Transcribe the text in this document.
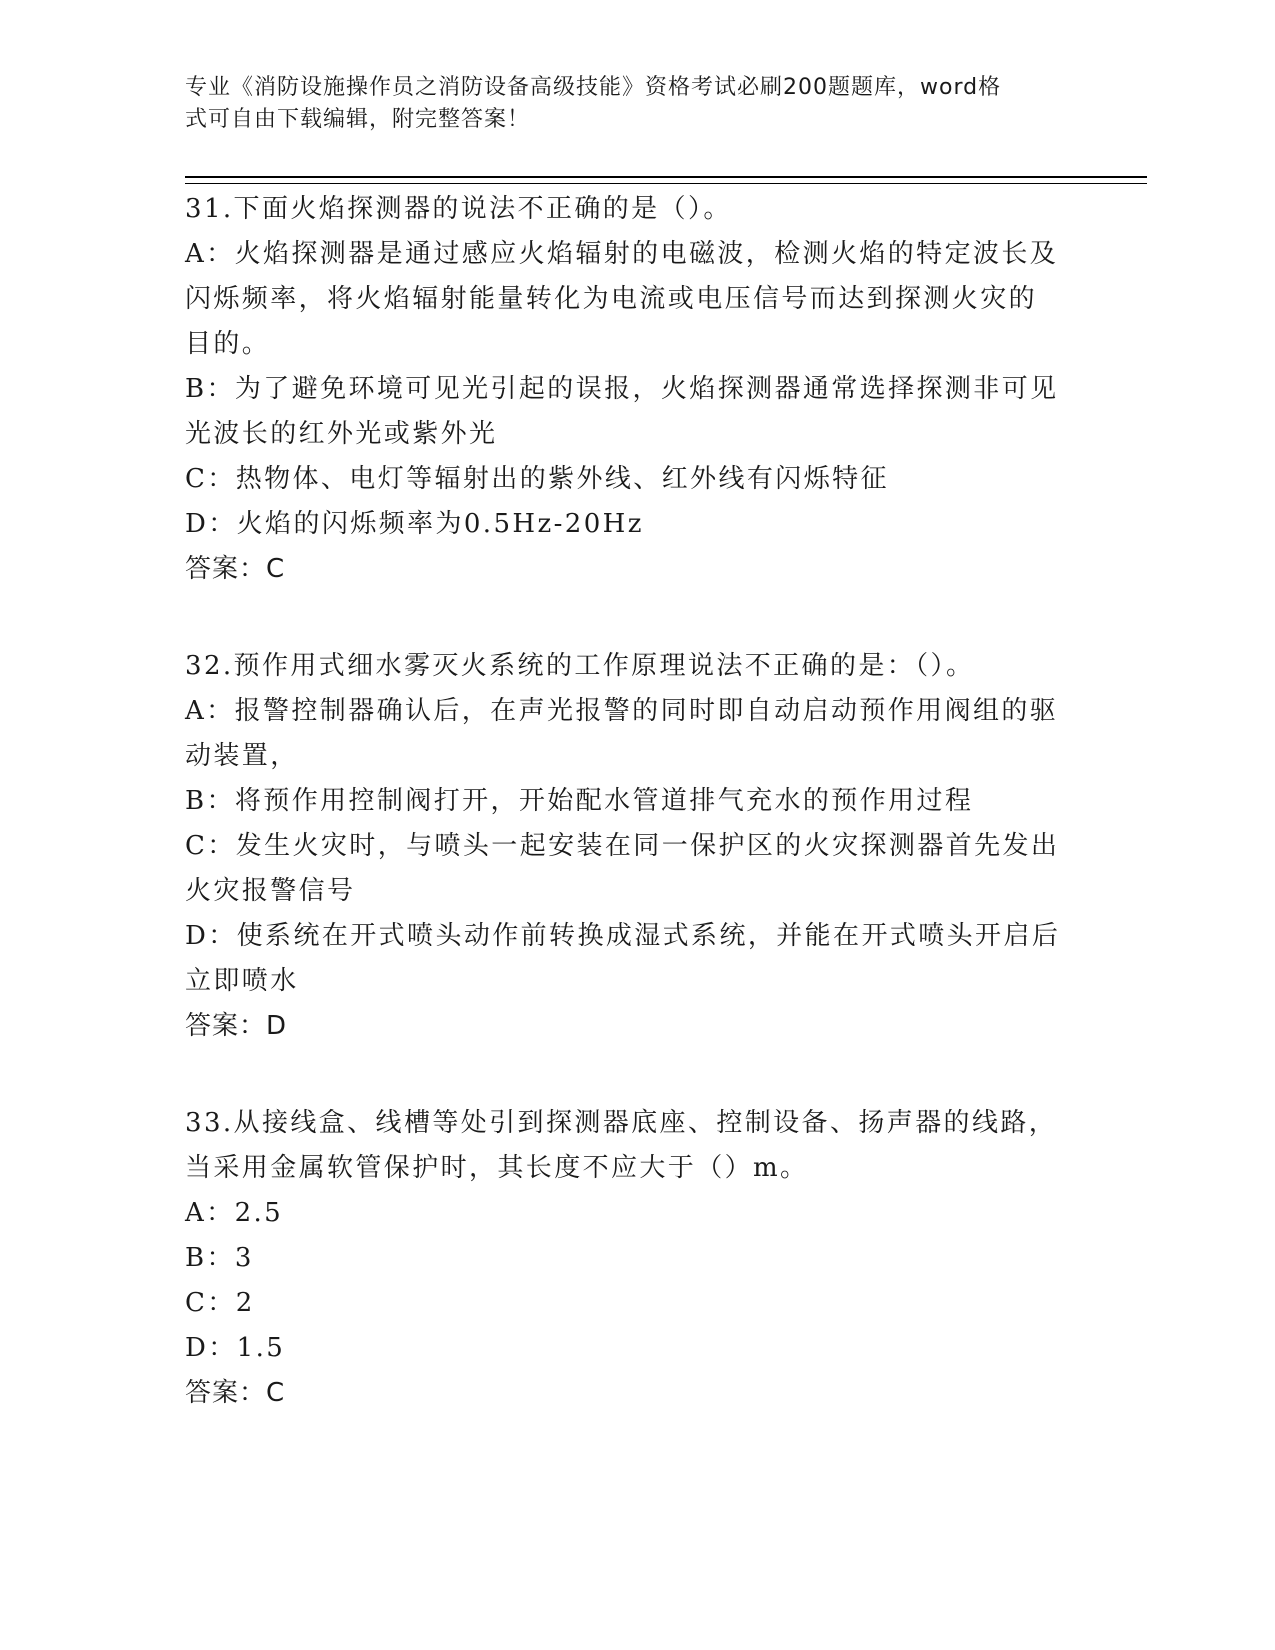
专业《消防设施操作员之消防设备高级技能》资格考试必刷200题题库，word格
式可自由下载编辑，附完整答案！

31.下面火焰探测器的说法不正确的是（）。

A：火焰探测器是通过感应火焰辐射的电磁波，检测火焰的特定波长及

闪烁频率，将火焰辐射能量转化为电流或电压信号而达到探测火灾的

目的。

B：为了避免环境可见光引起的误报，火焰探测器通常选择探测非可见

光波长的红外光或紫外光

C：热物体、电灯等辐射出的紫外线、红外线有闪烁特征

D：火焰的闪烁频率为0.5Hz-20Hz

答案：C

32.预作用式细水雾灭火系统的工作原理说法不正确的是：（）。

A：报警控制器确认后，在声光报警的同时即自动启动预作用阀组的驱

动装置，

B：将预作用控制阀打开，开始配水管道排气充水的预作用过程

C：发生火灾时，与喷头一起安装在同一保护区的火灾探测器首先发出

火灾报警信号

D：使系统在开式喷头动作前转换成湿式系统，并能在开式喷头开启后

立即喷水

答案：D

33.从接线盒、线槽等处引到探测器底座、控制设备、扬声器的线路，

当采用金属软管保护时，其长度不应大于（）m。

A：2.5

B：3

C：2

D：1.5

答案：C
